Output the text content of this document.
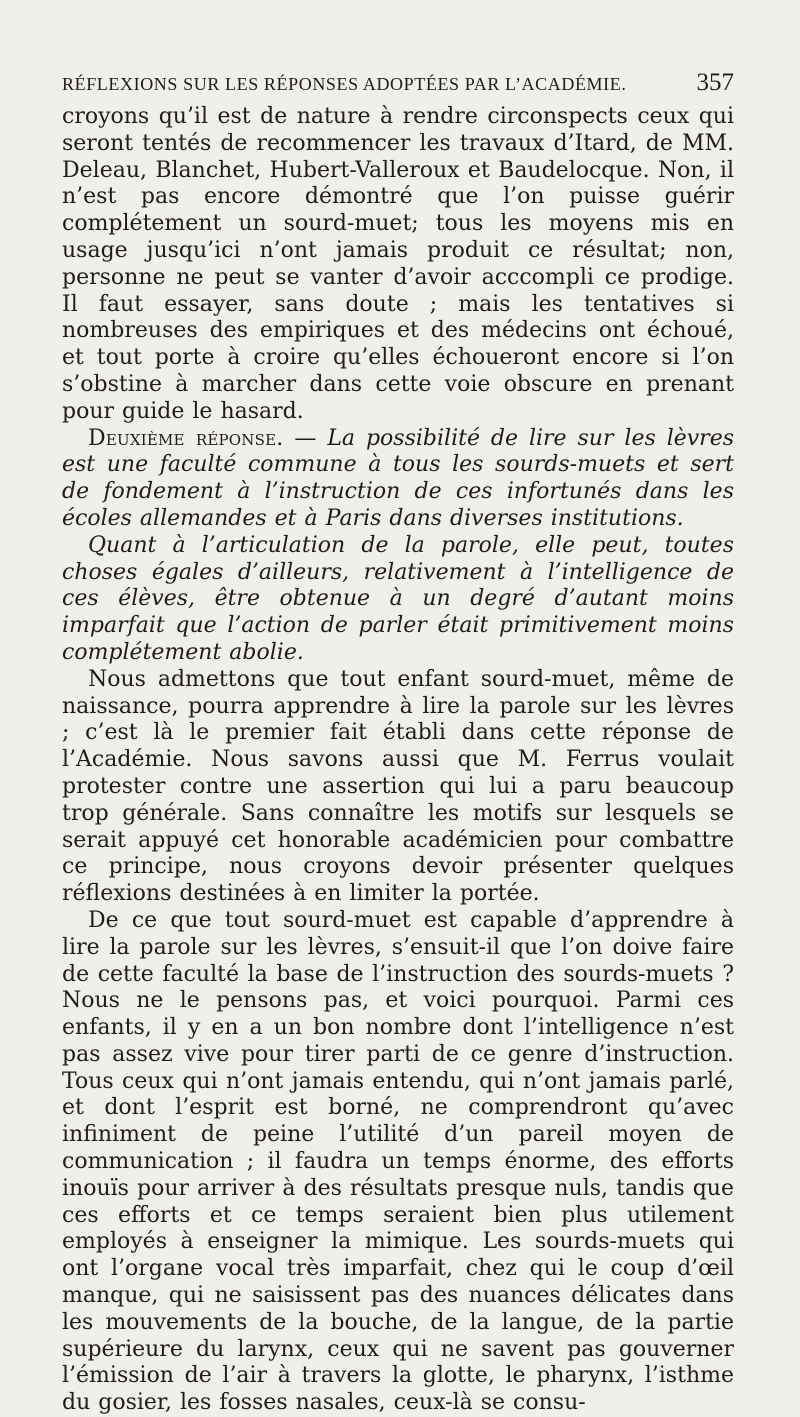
RÉFLEXIONS SUR LES RÉPONSES ADOPTÉES PAR L’ACADÉMIE.	357

croyons qu’il est de nature à rendre circonspects ceux qui seront tentés de recommencer les travaux d’Itard, de MM. Deleau, Blanchet, Hubert-Valleroux et Baudelocque. Non, il n’est pas encore démontré que l’on puisse guérir complétement un sourd-muet; tous les moyens mis en usage jusqu’ici n’ont jamais produit ce résultat; non, personne ne peut se vanter d’avoir acccompli ce prodige. Il faut essayer, sans doute ; mais les tentatives si nombreuses des empiriques et des médecins ont échoué, et tout porte à croire qu’elles échoueront encore si l’on s’obstine à marcher dans cette voie obscure en prenant pour guide le hasard.

Deuxième réponse. — La possibilité de lire sur les lèvres est une faculté commune à tous les sourds-muets et sert de fondement à l’instruction de ces infortunés dans les écoles allemandes et à Paris dans diverses institutions.

Quant à l’articulation de la parole, elle peut, toutes choses égales d’ailleurs, relativement à l’intelligence de ces élèves, être obtenue à un degré d’autant moins imparfait que l’action de parler était primitivement moins complétement abolie.

Nous admettons que tout enfant sourd-muet, même de naissance, pourra apprendre à lire la parole sur les lèvres ; c’est là le premier fait établi dans cette réponse de l’Académie. Nous savons aussi que M. Ferrus voulait protester contre une assertion qui lui a paru beaucoup trop générale. Sans connaître les motifs sur lesquels se serait appuyé cet honorable académicien pour combattre ce principe, nous croyons devoir présenter quelques réflexions destinées à en limiter la portée.

De ce que tout sourd-muet est capable d’apprendre à lire la parole sur les lèvres, s’ensuit-il que l’on doive faire de cette faculté la base de l’instruction des sourds-muets ? Nous ne le pensons pas, et voici pourquoi. Parmi ces enfants, il y en a un bon nombre dont l’intelligence n’est pas assez vive pour tirer parti de ce genre d’instruction. Tous ceux qui n’ont jamais entendu, qui n’ont jamais parlé, et dont l’esprit est borné, ne comprendront qu’avec infiniment de peine l’utilité d’un pareil moyen de communication ; il faudra un temps énorme, des efforts inouïs pour arriver à des résultats presque nuls, tandis que ces efforts et ce temps seraient bien plus utilement employés à enseigner la mimique. Les sourds-muets qui ont l’organe vocal très imparfait, chez qui le coup d’œil manque, qui ne saisissent pas des nuances délicates dans les mouvements de la bouche, de la langue, de la partie supérieure du larynx, ceux qui ne savent pas gouverner l’émission de l’air à travers la glotte, le pharynx, l’isthme du gosier, les fosses nasales, ceux-là se consu-
